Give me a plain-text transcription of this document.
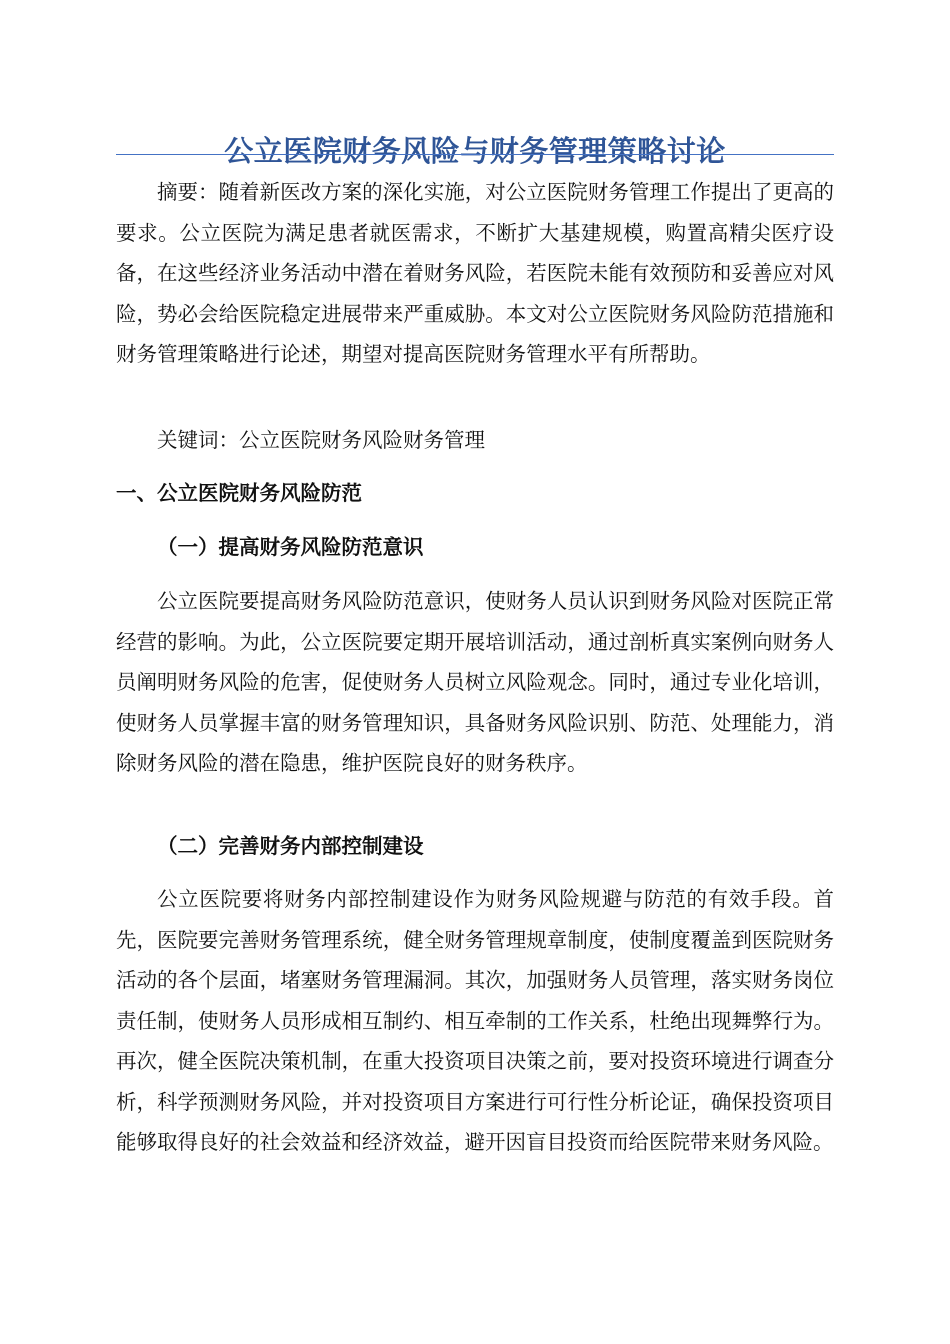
公立医院财务风险与财务管理策略讨论

摘要：随着新医改方案的深化实施，对公立医院财务管理工作提出了更高的要求。公立医院为满足患者就医需求，不断扩大基建规模，购置高精尖医疗设备，在这些经济业务活动中潜在着财务风险，若医院未能有效预防和妥善应对风险，势必会给医院稳定进展带来严重威胁。本文对公立医院财务风险防范措施和财务管理策略进行论述，期望对提高医院财务管理水平有所帮助。

关键词：公立医院财务风险财务管理

一、公立医院财务风险防范
（一）提高财务风险防范意识

公立医院要提高财务风险防范意识，使财务人员认识到财务风险对医院正常经营的影响。为此，公立医院要定期开展培训活动，通过剖析真实案例向财务人员阐明财务风险的危害，促使财务人员树立风险观念。同时，通过专业化培训，使财务人员掌握丰富的财务管理知识，具备财务风险识别、防范、处理能力，消除财务风险的潜在隐患，维护医院良好的财务秩序。

（二）完善财务内部控制建设

公立医院要将财务内部控制建设作为财务风险规避与防范的有效手段。首先，医院要完善财务管理系统，健全财务管理规章制度，使制度覆盖到医院财务活动的各个层面，堵塞财务管理漏洞。其次，加强财务人员管理，落实财务岗位责任制，使财务人员形成相互制约、相互牵制的工作关系，杜绝出现舞弊行为。再次，健全医院决策机制，在重大投资项目决策之前，要对投资环境进行调查分析，科学预测财务风险，并对投资项目方案进行可行性分析论证，确保投资项目能够取得良好的社会效益和经济效益，避开因盲目投资而给医院带来财务风险。
